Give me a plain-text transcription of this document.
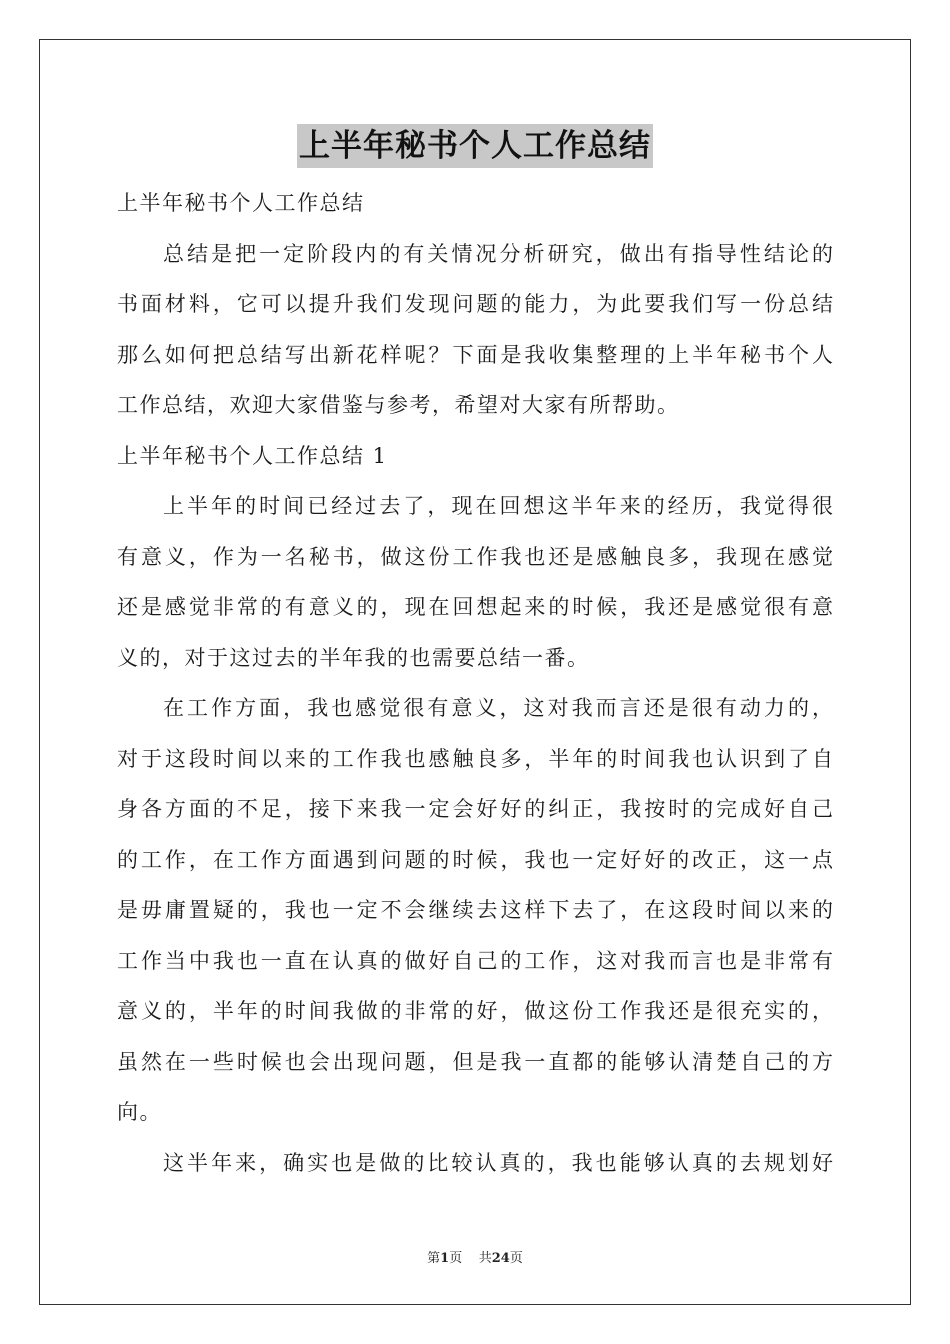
上半年秘书个人工作总结
上半年秘书个人工作总结
总结是把一定阶段内的有关情况分析研究，做出有指导性结论的
书面材料，它可以提升我们发现问题的能力，为此要我们写一份总结
那么如何把总结写出新花样呢？下面是我收集整理的上半年秘书个人
工作总结，欢迎大家借鉴与参考，希望对大家有所帮助。
上半年秘书个人工作总结 1
上半年的时间已经过去了，现在回想这半年来的经历，我觉得很
有意义，作为一名秘书，做这份工作我也还是感触良多，我现在感觉
还是感觉非常的有意义的，现在回想起来的时候，我还是感觉很有意
义的，对于这过去的半年我的也需要总结一番。
在工作方面，我也感觉很有意义，这对我而言还是很有动力的，
对于这段时间以来的工作我也感触良多，半年的时间我也认识到了自
身各方面的不足，接下来我一定会好好的纠正，我按时的完成好自己
的工作，在工作方面遇到问题的时候，我也一定好好的改正，这一点
是毋庸置疑的，我也一定不会继续去这样下去了，在这段时间以来的
工作当中我也一直在认真的做好自己的工作，这对我而言也是非常有
意义的，半年的时间我做的非常的好，做这份工作我还是很充实的，
虽然在一些时候也会出现问题，但是我一直都的能够认清楚自己的方
向。
这半年来，确实也是做的比较认真的，我也能够认真的去规划好
第1页 共24页
